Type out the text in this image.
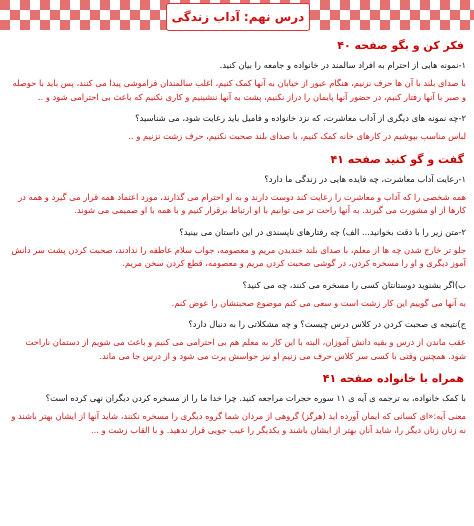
درس نهم: آداب زندگی
فکر کن و بگو صفحه ۴۰
۱-نمونه هایی از احترام به افراد سالمند در خانواده و جامعه را بیان کنید.
با صدای بلند با آن ها حرف نزنیم، هنگام عبور از خیابان به آنها کمک کنیم، اغلب سالمندان فراموشی پیدا می کنند، پس باید با حوصله و صبر با آنها رفتار کنیم، در حضور آنها پایمان را دراز نکنیم، پشت به آنها ننشینیم و کاری نکنیم که باعث بی احترامی شود و ..
۲-چه نمونه های دیگری از آداب معاشرت، که نزد خانواده و فامیل باید رعایت شود، می شناسید؟
لباس مناسب بپوشیم در کارهای خانه کمک کنیم، با صدای بلند صحبت نکنیم، حرف زشت نزنیم و ..
گفت و گو کنید صفحه ۴۱
۱-رعایت آداب معاشرت، چه فایده هایی در زندگی ما دارد؟
همه شخصی را که آداب و معاشرت را رعایت کند دوست دارند و به او احترام می گذارند، مورد اعتماد همه قرار می گیرد و همه در کارها از او مشورت می گیرند. به آنها راحت تر می توانیم با او ارتباط برقرار کنیم و با همه با او صمیمی می شوند.
۲-متن زیر را با دقت بخوانید... الف) چه رفتارهای ناپسندی در این داستان می بینید؟
جلو تر خارج شدن چه ها از معلم، با صدای بلند خندیدن مریم و معصومه، جواب سلام عاطفه را ندادند، صحبت کردن پشت سر دانش آموز دیگری و او را مسخره کردن، در گوشی صحبت کردن مریم و معصومه، قطع کردن سخن مریم.
ب)اگر بشنوید دوستانتان کسی را مسخره می کنند، چه می کنید؟
به آنها می گوییم این کار زشت است و سعی می کنم موضوع صحبتشان را عوض کنم.
ج)نتیجه ی صحبت کردن در کلاس درس چیست؟ و چه مشکلاتی را به دنبال دارد؟
عقب ماندن از درس و بقیه دانش آموزان، البته با این کار به معلم هم بی احترامی می کنیم و باعث می شویم از دستمان ناراحت شود. همچنین وقتی با کسی سر کلاس حرف می زنیم او نیز حواسش پرت می شود و از درس جا می ماند.
همراه با خانواده صفحه ۴۱
با کمک خانواده، به ترجمه ی آیه ی ۱۱ سوره حجرات مراجعه کنید. چرا خدا ما را از مسخره کردن دیگران نهی کرده است؟
معنی آیه:«ای کسانی که ایمان آورده اید (هرگز) گروهی از مردان شما گروه دیگری را مسخره نکنند، شاید آنها از ایشان بهتر باشند و نه زنان زنان دیگر را، شاید آنان بهتر از ایشان باشند و یکدیگر را عیب جویی قرار ندهید. و با القاب زشت و ...
